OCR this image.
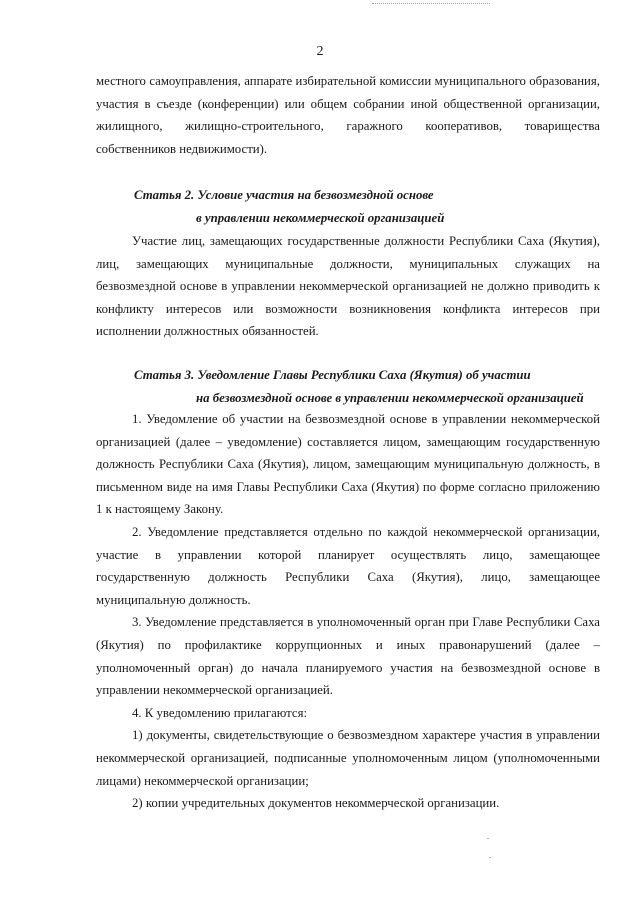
2

местного самоуправления, аппарате избирательной комиссии муниципального образования, участия в съезде (конференции) или общем собрании иной общественной организации, жилищного, жилищно-строительного, гаражного кооперативов, товарищества собственников недвижимости).

Статья 2. Условие участия на безвозмездной основе
в управлении некоммерческой организацией

Участие лиц, замещающих государственные должности Республики Саха (Якутия), лиц, замещающих муниципальные должности, муниципальных служащих на безвозмездной основе в управлении некоммерческой организацией не должно приводить к конфликту интересов или возможности возникновения конфликта интересов при исполнении должностных обязанностей.

Статья 3. Уведомление Главы Республики Саха (Якутия) об участии
на безвозмездной основе в управлении некоммерческой организацией

1. Уведомление об участии на безвозмездной основе в управлении некоммерческой организацией (далее – уведомление) составляется лицом, замещающим государственную должность Республики Саха (Якутия), лицом, замещающим муниципальную должность, в письменном виде на имя Главы Республики Саха (Якутия) по форме согласно приложению 1 к настоящему Закону.

2. Уведомление представляется отдельно по каждой некоммерческой организации, участие в управлении которой планирует осуществлять лицо, замещающее государственную должность Республики Саха (Якутия), лицо, замещающее муниципальную должность.

3. Уведомление представляется в уполномоченный орган при Главе Республики Саха (Якутия) по профилактике коррупционных и иных правонарушений (далее – уполномоченный орган) до начала планируемого участия на безвозмездной основе в управлении некоммерческой организацией.

4. К уведомлению прилагаются:

1) документы, свидетельствующие о безвозмездном характере участия в управлении некоммерческой организацией, подписанные уполномоченным лицом (уполномоченными лицами) некоммерческой организации;

2) копии учредительных документов некоммерческой организации.
